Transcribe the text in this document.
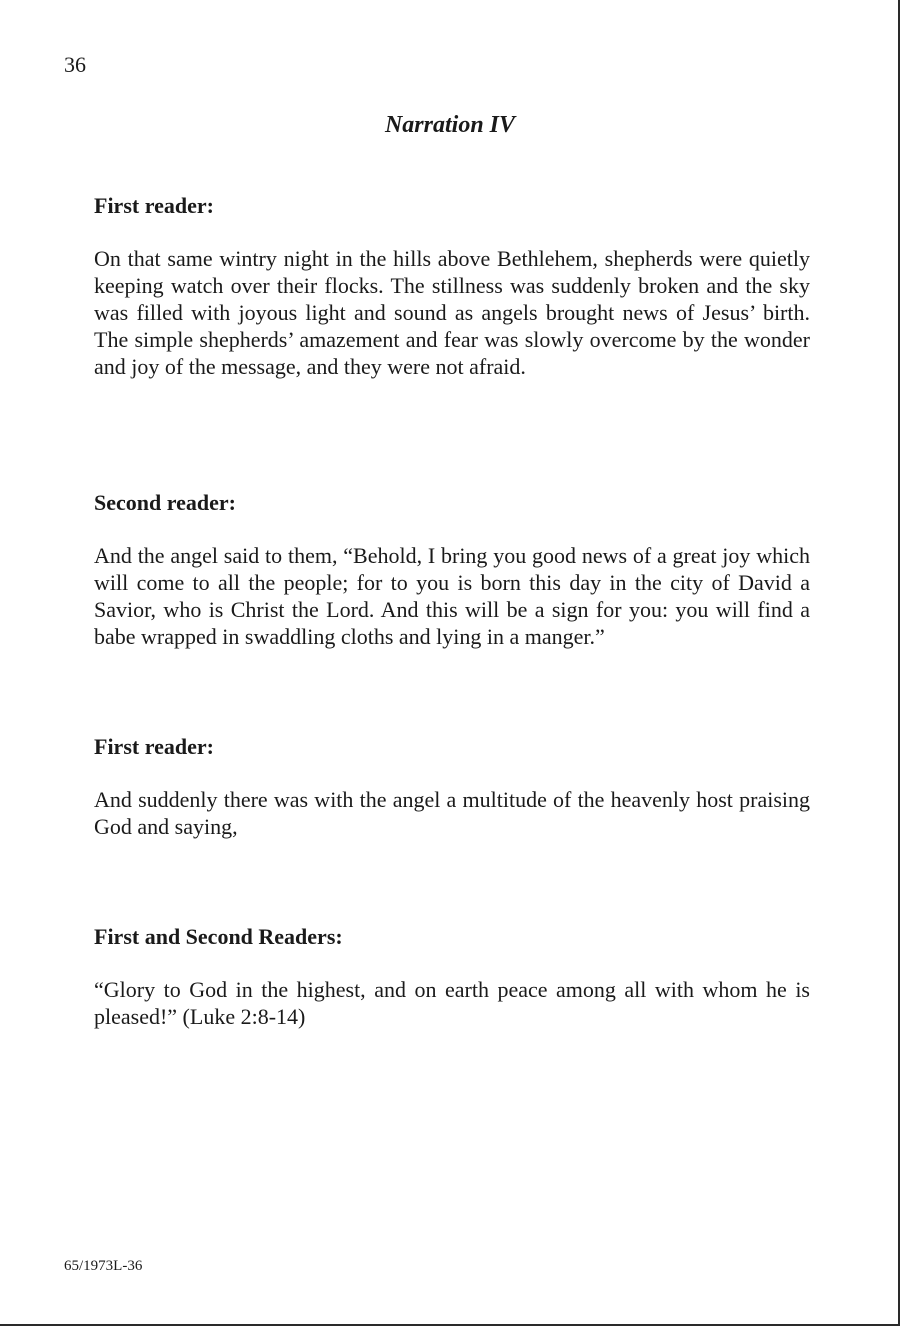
36
Narration IV

First reader:

On that same wintry night in the hills above Bethlehem, shepherds were quietly keeping watch over their flocks. The stillness was suddenly broken and the sky was filled with joyous light and sound as angels brought news of Jesus’ birth. The simple shepherds’ amazement and fear was slowly overcome by the wonder and joy of the message, and they were not afraid.

Second reader:

And the angel said to them, “Behold, I bring you good news of a great joy which will come to all the people; for to you is born this day in the city of David a Savior, who is Christ the Lord. And this will be a sign for you: you will find a babe wrapped in swaddling cloths and lying in a manger.”

First reader:

And suddenly there was with the angel a multitude of the heavenly host praising God and saying,

First and Second Readers:

“Glory to God in the highest, and on earth peace among all with whom he is pleased!” (Luke 2:8-14)

65/1973L-36
